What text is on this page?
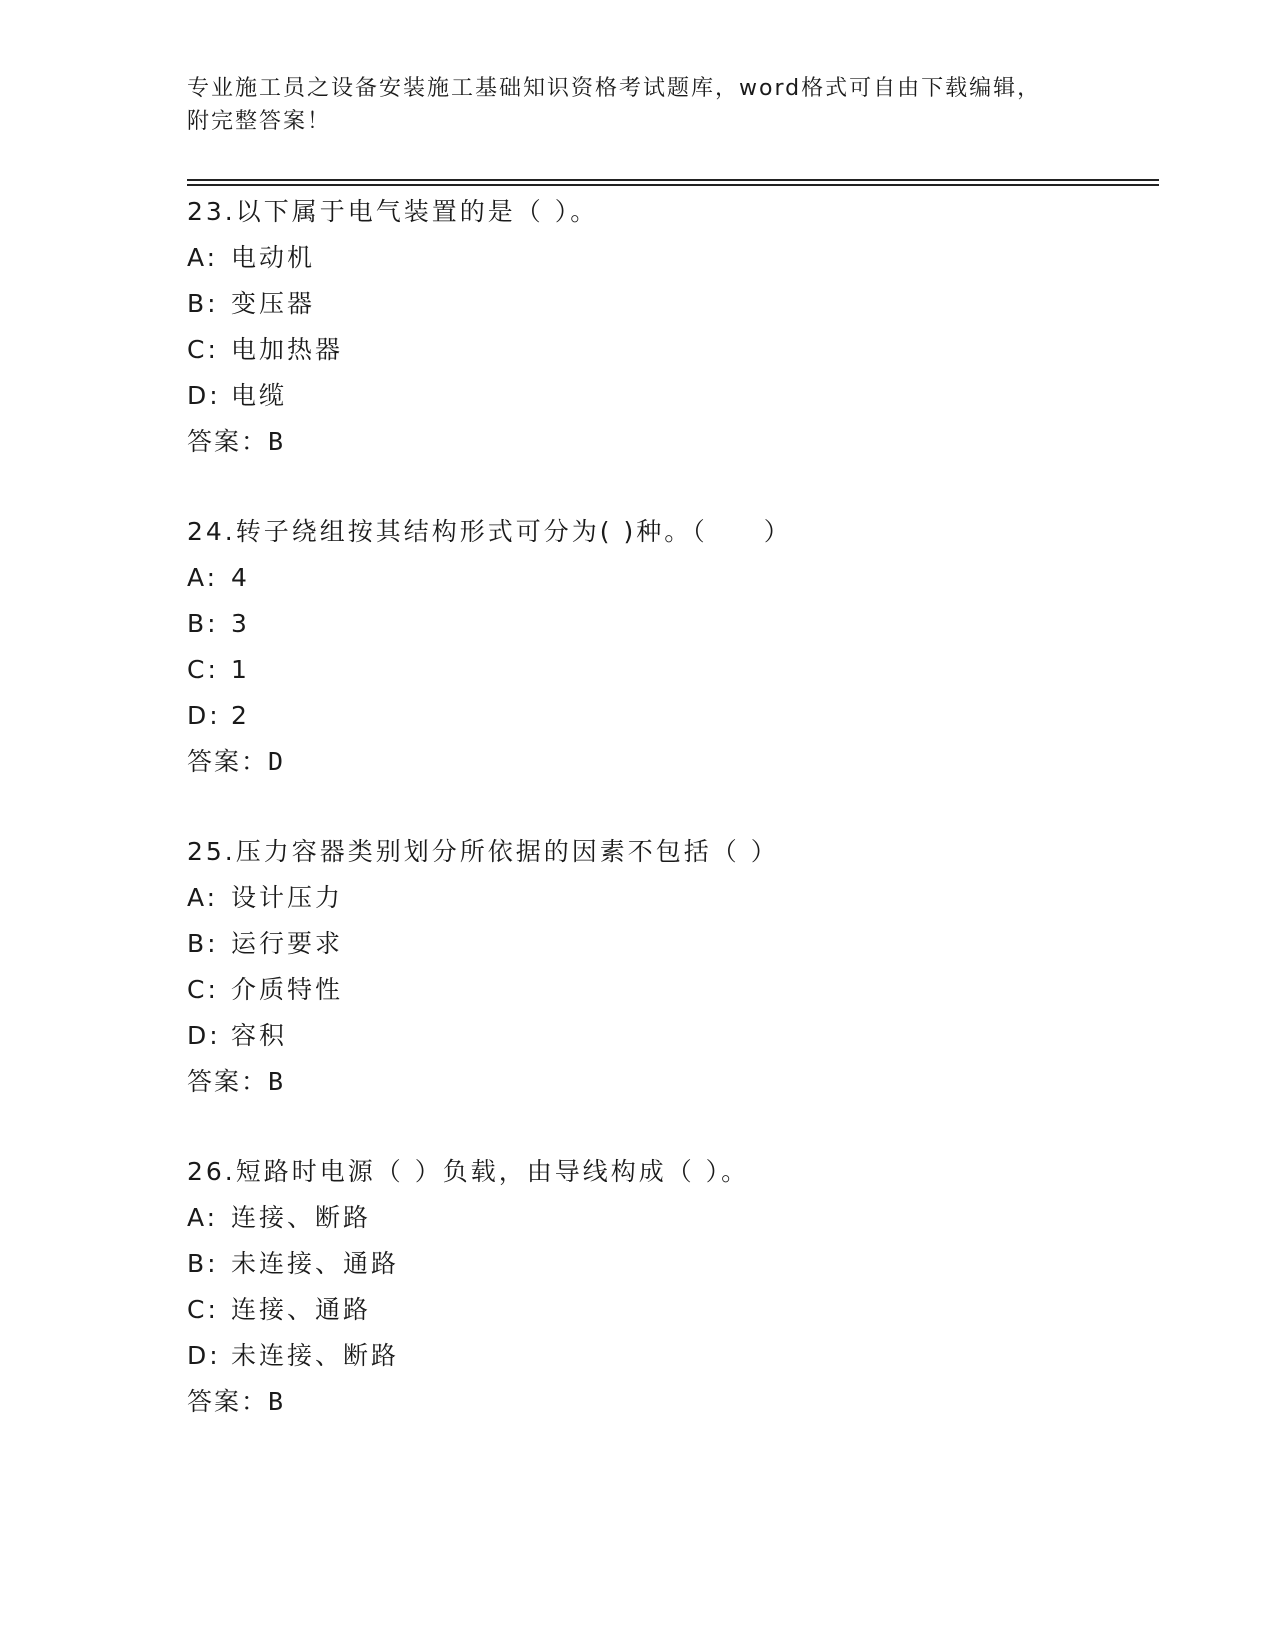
专业施工员之设备安装施工基础知识资格考试题库，word格式可自由下载编辑，
附完整答案！
23.以下属于电气装置的是（ ）。
A: 电动机
B: 变压器
C: 电加热器
D: 电缆
答案：B
24.转子绕组按其结构形式可分为( )种。（　　）
A: 4
B: 3
C: 1
D: 2
答案：D
25.压力容器类别划分所依据的因素不包括（ ）
A: 设计压力
B: 运行要求
C: 介质特性
D: 容积
答案：B
26.短路时电源（ ）负载，由导线构成（ ）。
A: 连接、断路
B: 未连接、通路
C: 连接、通路
D: 未连接、断路
答案：B
